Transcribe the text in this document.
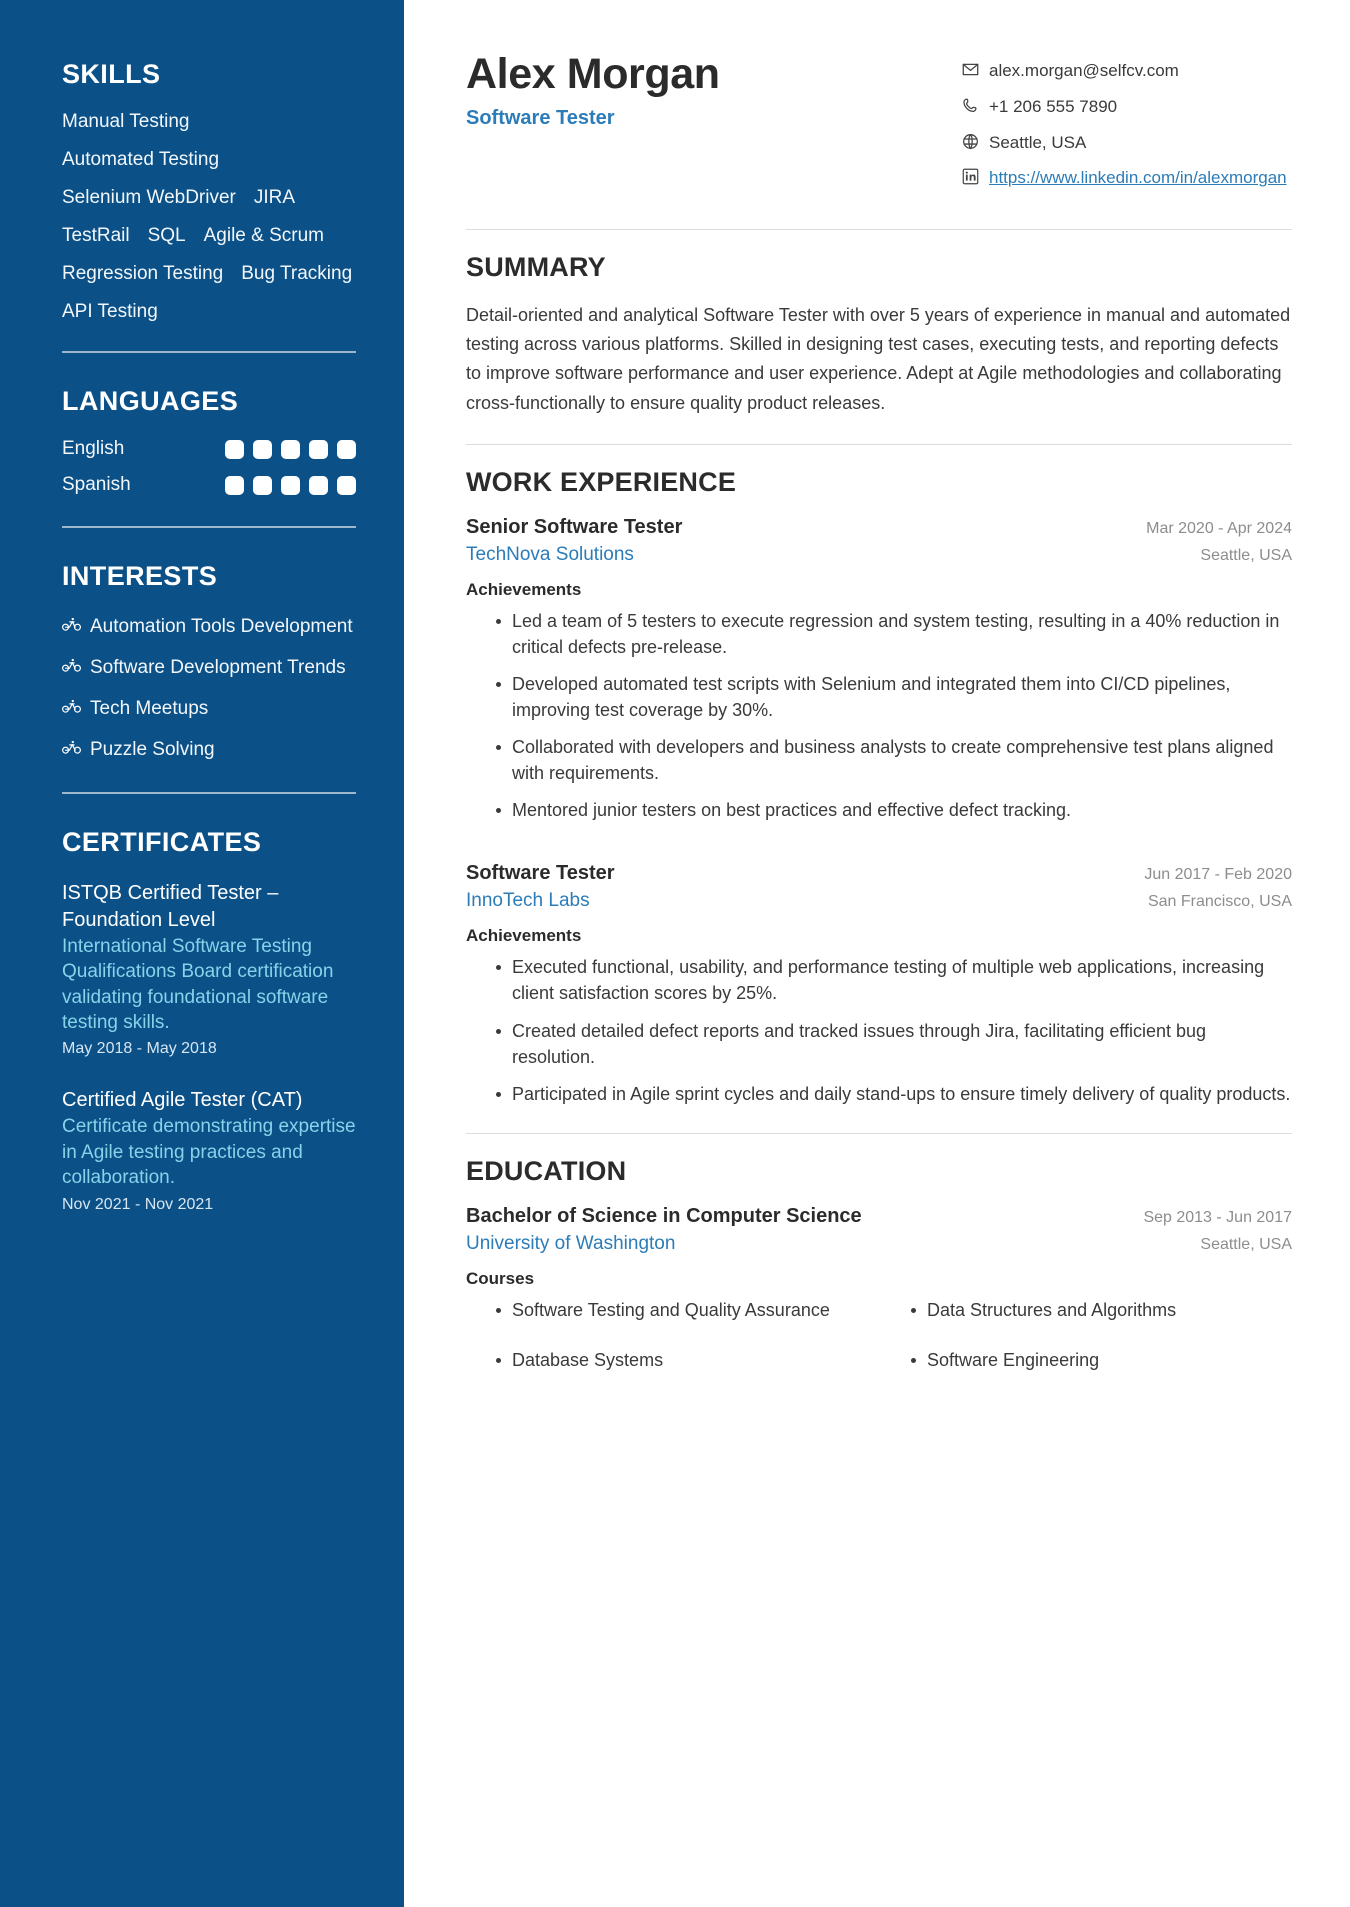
SKILLS
Manual Testing
Automated Testing
Selenium WebDriver JIRA
TestRail SQL Agile & Scrum
Regression Testing Bug Tracking
API Testing
LANGUAGES
English
Spanish
INTERESTS
Automation Tools Development
Software Development Trends
Tech Meetups
Puzzle Solving
CERTIFICATES
ISTQB Certified Tester – Foundation Level
International Software Testing Qualifications Board certification validating foundational software testing skills.
May 2018 - May 2018
Certified Agile Tester (CAT)
Certificate demonstrating expertise in Agile testing practices and collaboration.
Nov 2021 - Nov 2021
Alex Morgan
Software Tester
alex.morgan@selfcv.com
+1 206 555 7890
Seattle, USA
https://www.linkedin.com/in/alexmorgan
SUMMARY

Detail-oriented and analytical Software Tester with over 5 years of experience in manual and automated testing across various platforms. Skilled in designing test cases, executing tests, and reporting defects to improve software performance and user experience. Adept at Agile methodologies and collaborating cross-functionally to ensure quality product releases.

WORK EXPERIENCE
Senior Software Tester	Mar 2020 - Apr 2024
TechNova Solutions	Seattle, USA
Achievements
Led a team of 5 testers to execute regression and system testing, resulting in a 40% reduction in critical defects pre-release.
Developed automated test scripts with Selenium and integrated them into CI/CD pipelines, improving test coverage by 30%.
Collaborated with developers and business analysts to create comprehensive test plans aligned with requirements.
Mentored junior testers on best practices and effective defect tracking.
Software Tester	Jun 2017 - Feb 2020
InnoTech Labs	San Francisco, USA
Achievements
Executed functional, usability, and performance testing of multiple web applications, increasing client satisfaction scores by 25%.
Created detailed defect reports and tracked issues through Jira, facilitating efficient bug resolution.
Participated in Agile sprint cycles and daily stand-ups to ensure timely delivery of quality products.
EDUCATION
Bachelor of Science in Computer Science	Sep 2013 - Jun 2017
University of Washington	Seattle, USA
Courses
Software Testing and Quality Assurance	Data Structures and Algorithms
Database Systems	Software Engineering
